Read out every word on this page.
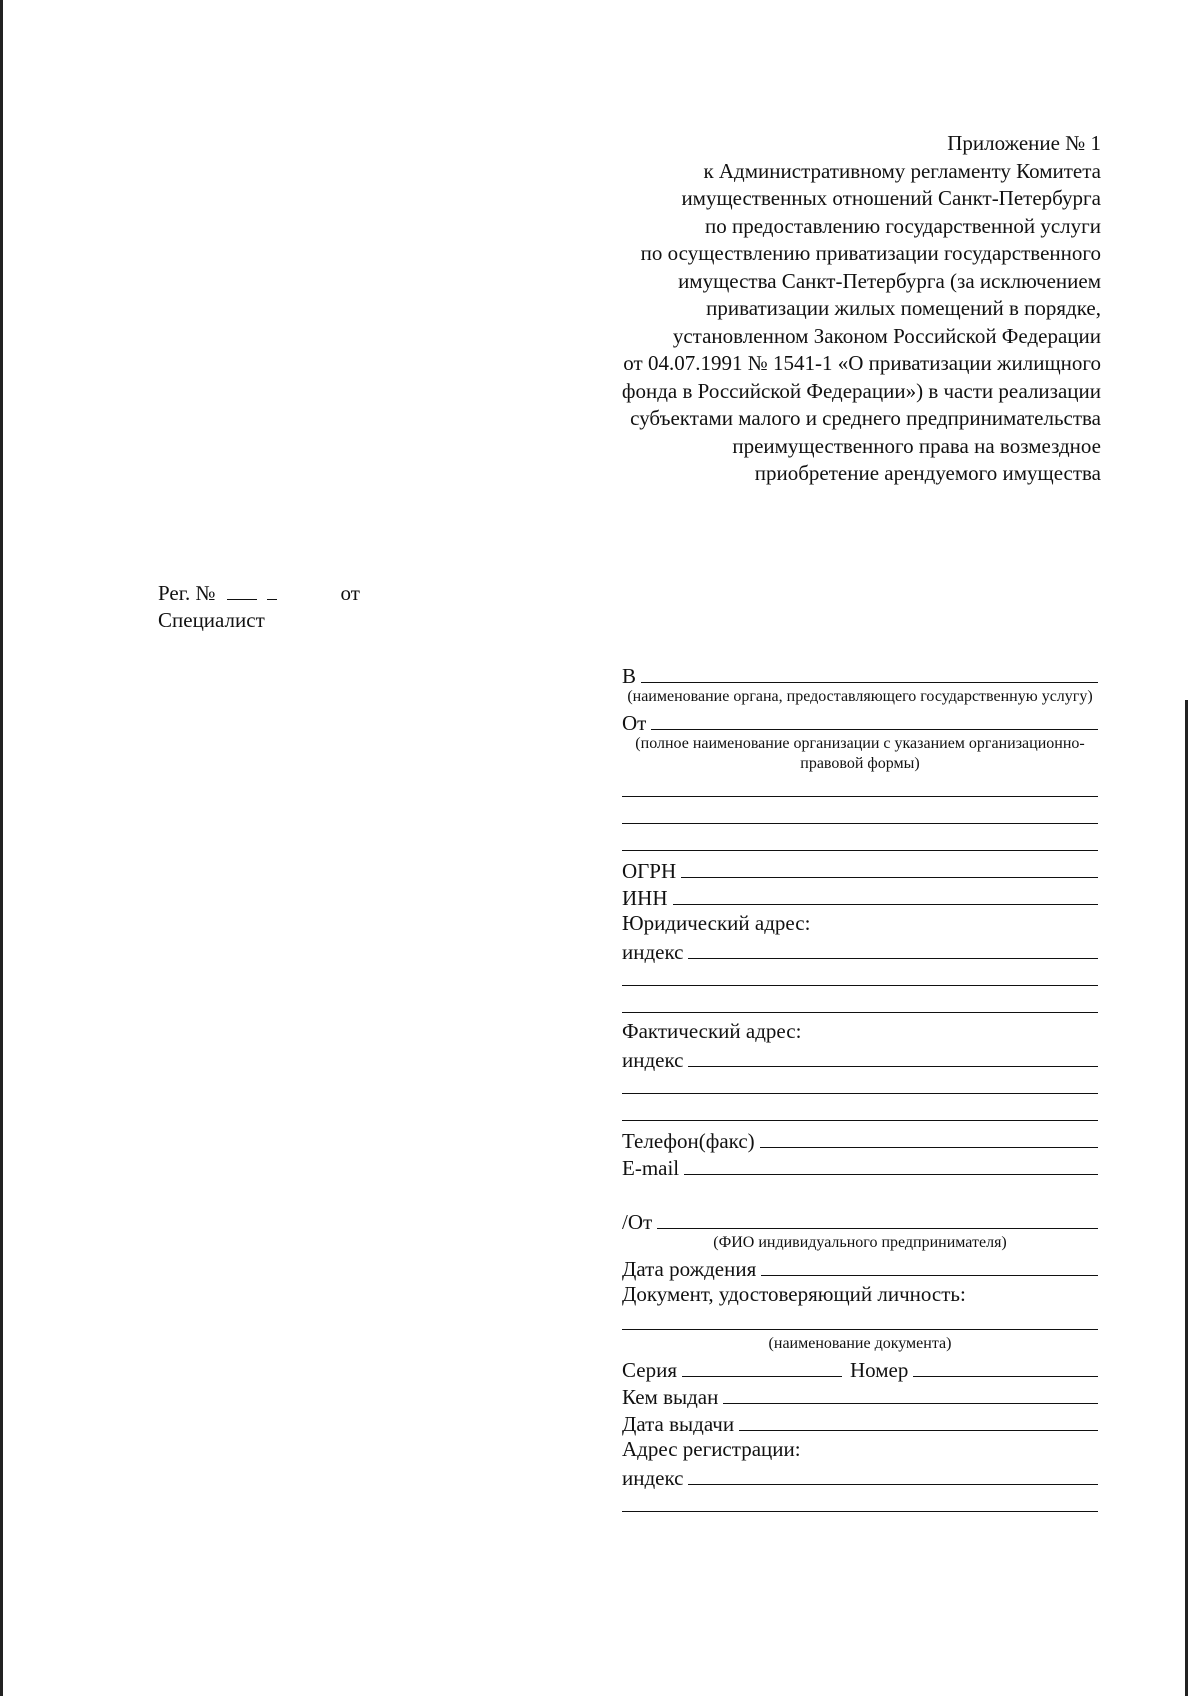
Приложение № 1
к Административному регламенту Комитета
имущественных отношений Санкт-Петербурга
по предоставлению государственной услуги
по осуществлению приватизации государственного
имущества Санкт-Петербурга (за исключением
приватизации жилых помещений в порядке,
установленном Законом Российской Федерации
от 04.07.1991 № 1541-1 «О приватизации жилищного
фонда в Российской Федерации») в части реализации
субъектами малого и среднего предпринимательства
преимущественного права на возмездное
приобретение арендуемого имущества
Рег. №	от
Специалист
В
(наименование органа, предоставляющего государственную услугу)
От
(полное наименование организации с указанием организационно-правовой формы)
ОГРН
ИНН
Юридический адрес:
индекс
Фактический адрес:
индекс
Телефон(факс)
E-mail
/От
(ФИО индивидуального предпринимателя)
Дата рождения
Документ, удостоверяющий личность:
(наименование документа)
Серия	Номер
Кем выдан
Дата выдачи
Адрес регистрации:
индекс
